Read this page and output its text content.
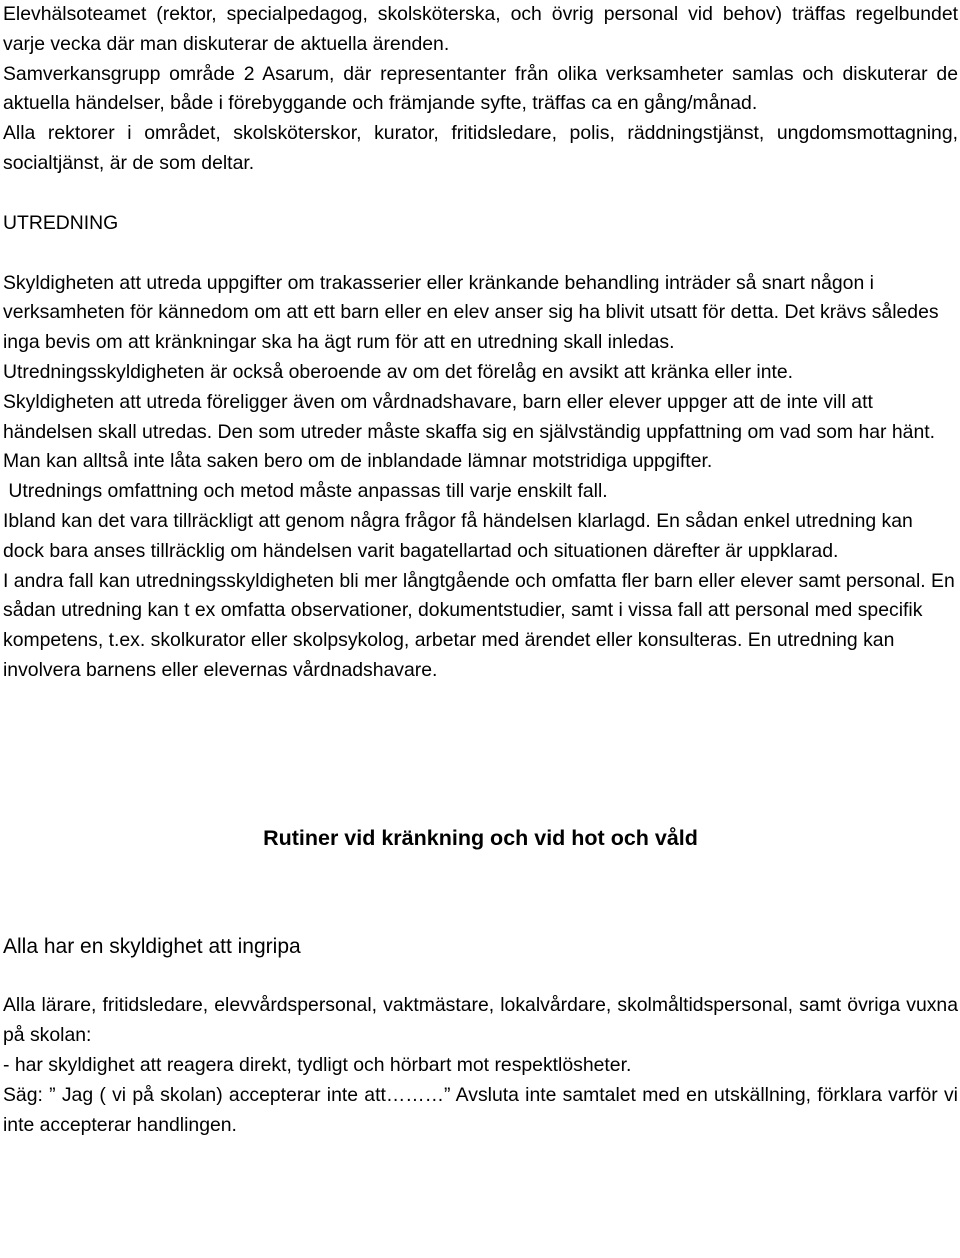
Elevhälsoteamet (rektor, specialpedagog, skolsköterska, och övrig personal vid behov) träffas regelbundet varje vecka där man diskuterar de aktuella ärenden.

Samverkansgrupp område 2 Asarum, där representanter från olika verksamheter samlas och diskuterar de aktuella händelser, både i förebyggande och främjande syfte, träffas ca en gång/månad.

Alla rektorer i området, skolsköterskor, kurator, fritidsledare, polis, räddningstjänst, ungdomsmottagning, socialtjänst, är de som deltar.

UTREDNING

Skyldigheten att utreda uppgifter om trakasserier eller kränkande behandling inträder så snart någon i verksamheten för kännedom om att ett barn eller en elev anser sig ha blivit utsatt för detta. Det krävs således inga bevis om att kränkningar ska ha ägt rum för att en utredning skall inledas.

Utredningsskyldigheten är också oberoende av om det förelåg en avsikt att kränka eller inte.

Skyldigheten att utreda föreligger även om vårdnadshavare, barn eller elever uppger att de inte vill att händelsen skall utredas. Den som utreder måste skaffa sig en självständig uppfattning om vad som har hänt. Man kan alltså inte låta saken bero om de inblandade lämnar motstridiga uppgifter.

Utrednings omfattning och metod måste anpassas till varje enskilt fall.

Ibland kan det vara tillräckligt att genom några frågor få händelsen klarlagd. En sådan enkel utredning kan dock bara anses tillräcklig om händelsen varit bagatellartad och situationen därefter är uppklarad.

I andra fall kan utredningsskyldigheten bli mer långtgående och omfatta fler barn eller elever samt personal. En sådan utredning kan t ex omfatta observationer, dokumentstudier, samt i vissa fall att personal med specifik kompetens, t.ex. skolkurator eller skolpsykolog, arbetar med ärendet eller konsulteras. En utredning kan involvera barnens eller elevernas vårdnadshavare.

Rutiner vid kränkning och vid hot och våld

Alla har en skyldighet att ingripa

Alla lärare, fritidsledare, elevvårdspersonal, vaktmästare, lokalvårdare, skolmåltidspersonal, samt övriga vuxna på skolan:

- har skyldighet att reagera direkt, tydligt och hörbart mot respektlösheter.

Säg: ” Jag ( vi på skolan) accepterar inte att………” Avsluta inte samtalet med en utskällning, förklara varför vi inte accepterar handlingen.
